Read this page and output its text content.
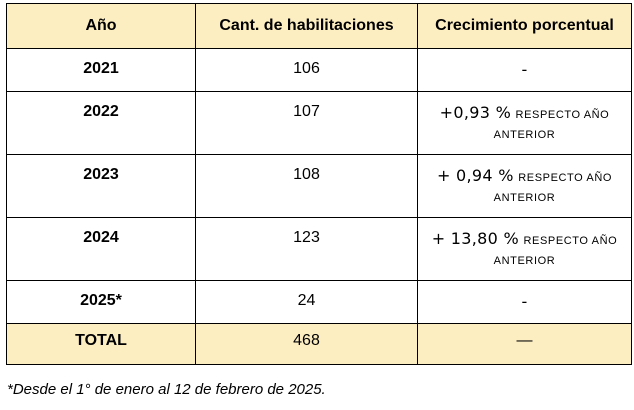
Año	Cant. de habilitaciones	Crecimiento porcentual

2021	106	-

2022	107	+0,93 % RESPECTO AÑO
ANTERIOR

2023	108	+ 0,94 % RESPECTO AÑO
ANTERIOR

2024	123	+ 13,80 % RESPECTO AÑO
ANTERIOR

2025*	24	-

TOTAL	468	—
*Desde el 1° de enero al 12 de febrero de 2025.
